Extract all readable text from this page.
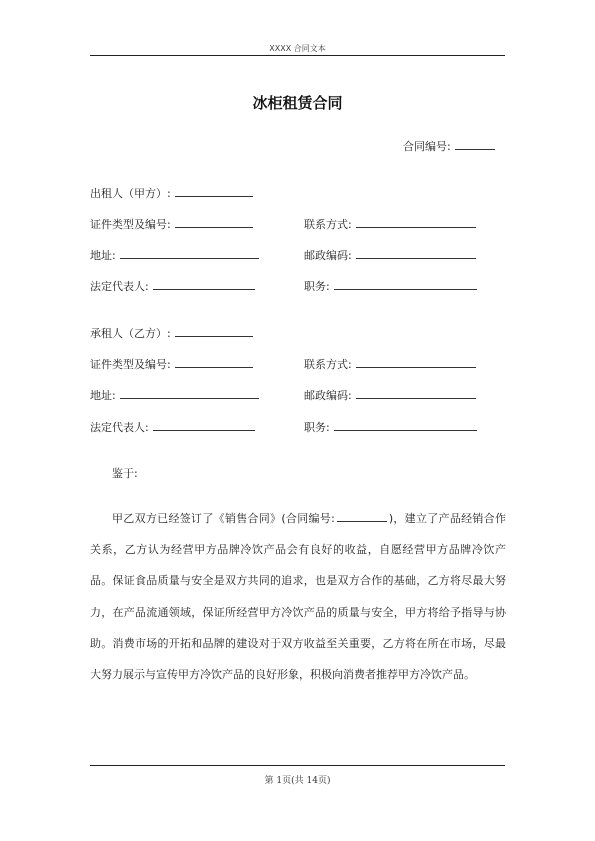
XXXX 合同文本
冰柜租赁合同
合同编号:
出租人（甲方）:
证件类型及编号:	联系方式:
地址:	邮政编码:
法定代表人:	职务:
承租人（乙方）:
证件类型及编号:	联系方式:
地址:	邮政编码:
法定代表人:	职务:
鉴于:

甲乙双方已经签订了《销售合同》(合同编号:	)，建立了产品经销合作关系，乙方认为经营甲方品牌冷饮产品会有良好的收益，自愿经营甲方品牌冷饮产品。保证食品质量与安全是双方共同的追求，也是双方合作的基础，乙方将尽最大努力，在产品流通领域，保证所经营甲方冷饮产品的质量与安全，甲方将给予指导与协助。消费市场的开拓和品牌的建设对于双方收益至关重要，乙方将在所在市场，尽最大努力展示与宣传甲方冷饮产品的良好形象，积极向消费者推荐甲方冷饮产品。

第 1页(共 14页)
